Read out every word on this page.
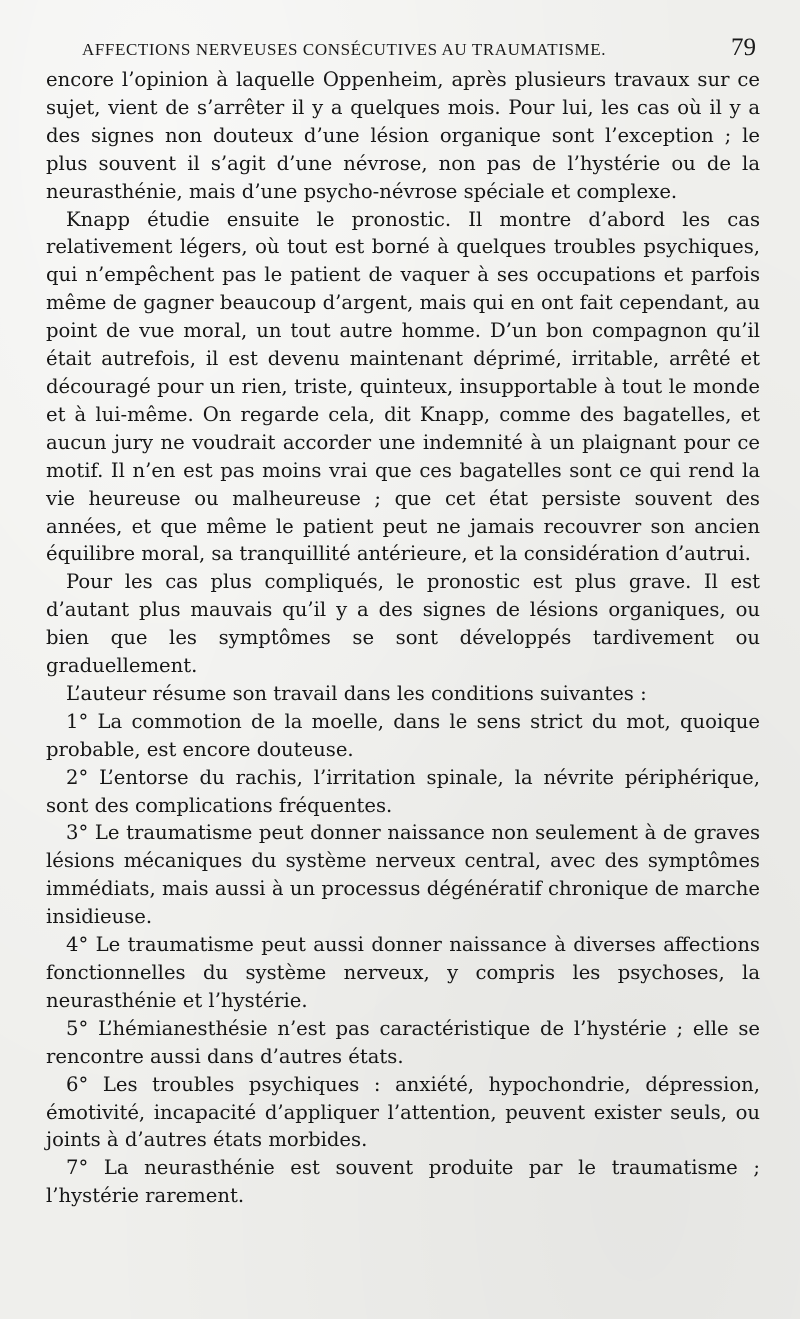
AFFECTIONS NERVEUSES CONSÉCUTIVES AU TRAUMATISME.	79

encore l’opinion à laquelle Oppenheim, après plusieurs travaux sur ce sujet, vient de s’arrêter il y a quelques mois. Pour lui, les cas où il y a des signes non douteux d’une lésion organique sont l’exception ; le plus souvent il s’agit d’une névrose, non pas de l’hystérie ou de la neurasthénie, mais d’une psycho-névrose spéciale et complexe.

Knapp étudie ensuite le pronostic. Il montre d’abord les cas relativement légers, où tout est borné à quelques troubles psychiques, qui n’empêchent pas le patient de vaquer à ses occupations et parfois même de gagner beaucoup d’argent, mais qui en ont fait cependant, au point de vue moral, un tout autre homme. D’un bon compagnon qu’il était autrefois, il est devenu maintenant déprimé, irritable, arrêté et découragé pour un rien, triste, quinteux, insupportable à tout le monde et à lui-même. On regarde cela, dit Knapp, comme des bagatelles, et aucun jury ne voudrait accorder une indemnité à un plaignant pour ce motif. Il n’en est pas moins vrai que ces bagatelles sont ce qui rend la vie heureuse ou malheureuse ; que cet état persiste souvent des années, et que même le patient peut ne jamais recouvrer son ancien équilibre moral, sa tranquillité antérieure, et la considération d’autrui.

Pour les cas plus compliqués, le pronostic est plus grave. Il est d’autant plus mauvais qu’il y a des signes de lésions organiques, ou bien que les symptômes se sont développés tardivement ou graduellement.

L’auteur résume son travail dans les conditions suivantes :

1° La commotion de la moelle, dans le sens strict du mot, quoique probable, est encore douteuse.

2° L’entorse du rachis, l’irritation spinale, la névrite périphérique, sont des complications fréquentes.

3° Le traumatisme peut donner naissance non seulement à de graves lésions mécaniques du système nerveux central, avec des symptômes immédiats, mais aussi à un processus dégénératif chronique de marche insidieuse.

4° Le traumatisme peut aussi donner naissance à diverses affections fonctionnelles du système nerveux, y compris les psychoses, la neurasthénie et l’hystérie.

5° L’hémianesthésie n’est pas caractéristique de l’hystérie ; elle se rencontre aussi dans d’autres états.

6° Les troubles psychiques : anxiété, hypochondrie, dépression, émotivité, incapacité d’appliquer l’attention, peuvent exister seuls, ou joints à d’autres états morbides.

7° La neurasthénie est souvent produite par le traumatisme ; l’hystérie rarement.
